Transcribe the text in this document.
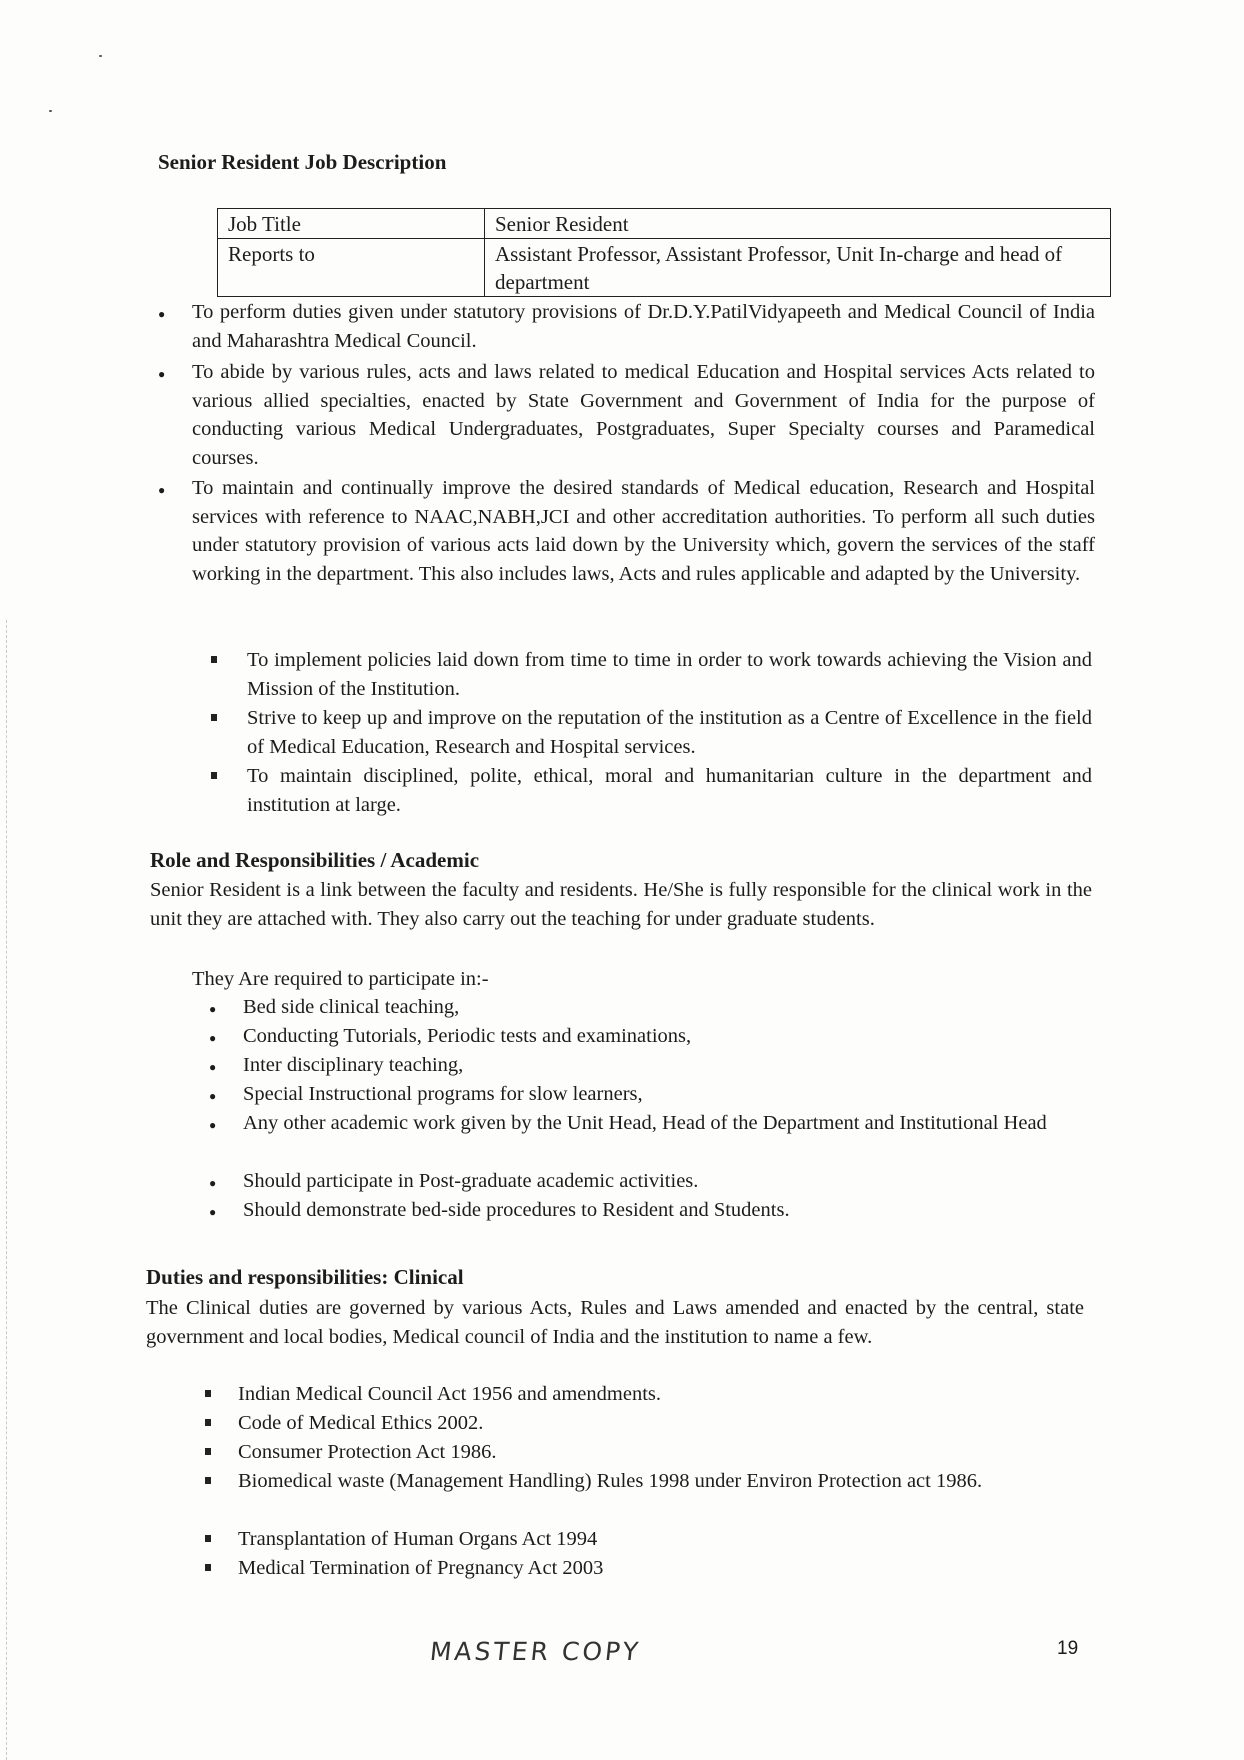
Senior Resident Job Description
Job Title	Senior Resident
Reports to	Assistant Professor, Assistant Professor, Unit In-charge and head of department
● To perform duties given under statutory provisions of Dr.D.Y.PatilVidyapeeth and Medical Council of India and Maharashtra Medical Council.
● To abide by various rules, acts and laws related to medical Education and Hospital services Acts related to various allied specialties, enacted by State Government and Government of India for the purpose of conducting various Medical Undergraduates, Postgraduates, Super Specialty courses and Paramedical courses.
● To maintain and continually improve the desired standards of Medical education, Research and Hospital services with reference to NAAC,NABH,JCI and other accreditation authorities. To perform all such duties under statutory provision of various acts laid down by the University which, govern the services of the staff working in the department. This also includes laws, Acts and rules applicable and adapted by the University.
To implement policies laid down from time to time in order to work towards achieving the Vision and Mission of the Institution.
Strive to keep up and improve on the reputation of the institution as a Centre of Excellence in the field of Medical Education, Research and Hospital services.
To maintain disciplined, polite, ethical, moral and humanitarian culture in the department and institution at large.
Role and Responsibilities / Academic
Senior Resident is a link between the faculty and residents. He/She is fully responsible for the clinical work in the unit they are attached with. They also carry out the teaching for under graduate students.
They Are required to participate in:-
● Bed side clinical teaching,
● Conducting Tutorials, Periodic tests and examinations,
● Inter disciplinary teaching,
● Special Instructional programs for slow learners,
● Any other academic work given by the Unit Head, Head of the Department and Institutional Head
● Should participate in Post-graduate academic activities.
● Should demonstrate bed-side procedures to Resident and Students.
Duties and responsibilities: Clinical
The Clinical duties are governed by various Acts, Rules and Laws amended and enacted by the central, state government and local bodies, Medical council of India and the institution to name a few.
Indian Medical Council Act 1956 and amendments.
Code of Medical Ethics 2002.
Consumer Protection Act 1986.
Biomedical waste (Management Handling) Rules 1998 under Environ Protection act 1986.
Transplantation of Human Organs Act 1994
Medical Termination of Pregnancy Act 2003
MASTER COPY	19
